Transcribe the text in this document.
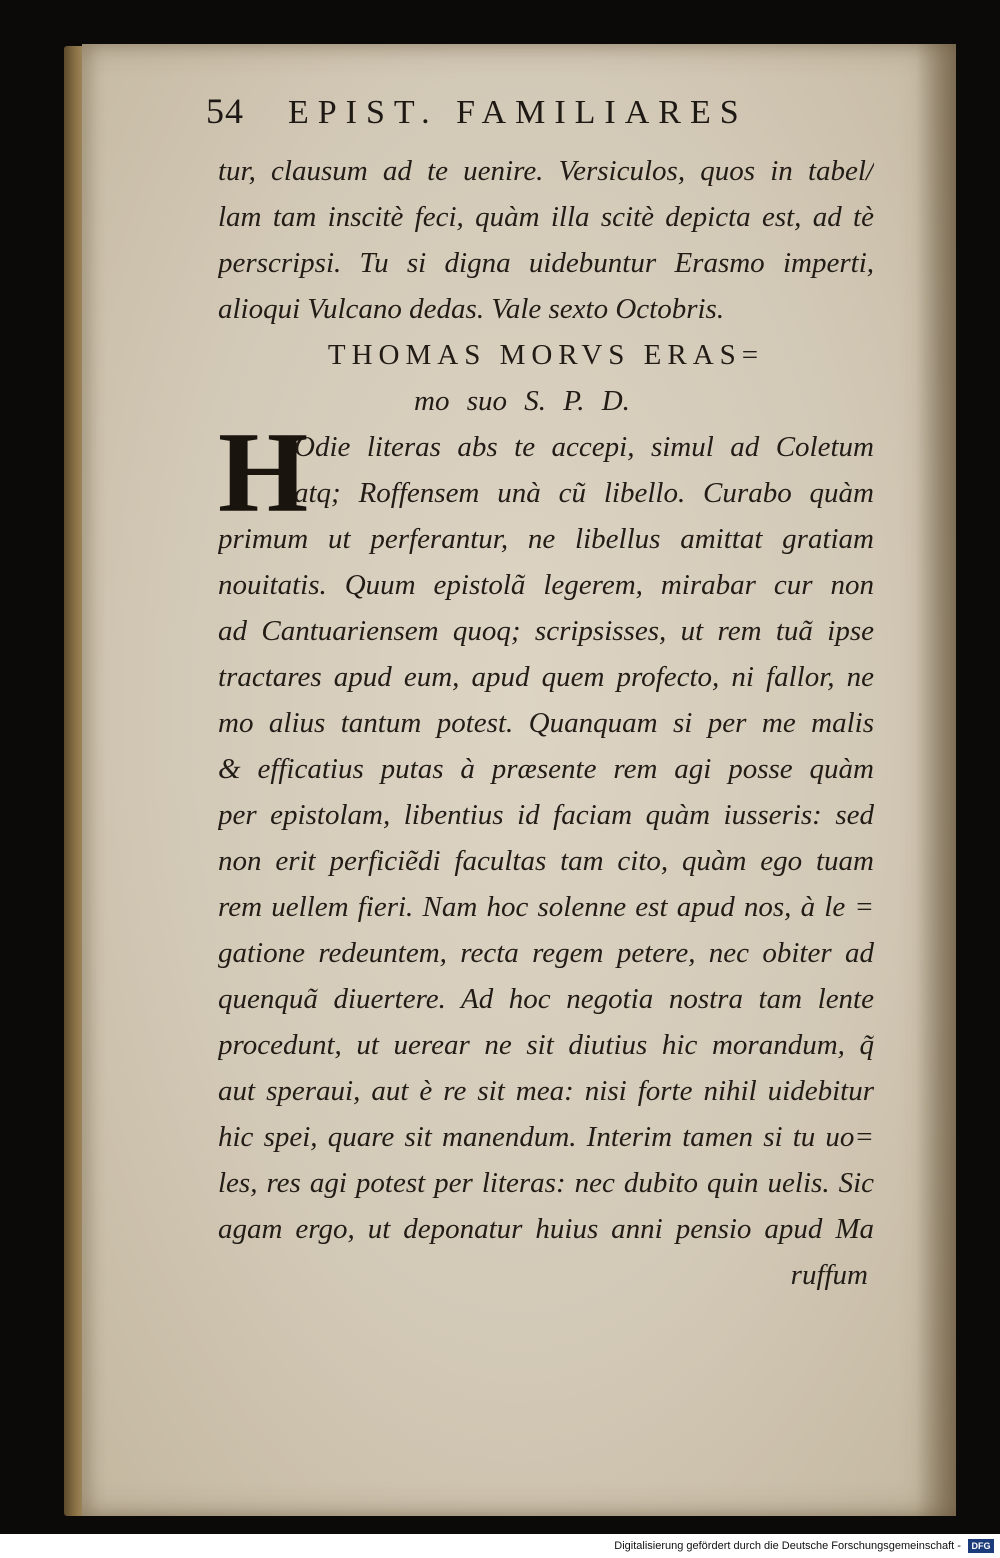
54 EPIST. FAMILIARES
tur, clausum ad te uenire. Versiculos, quos in tabel/
lam tam inscitè feci, quàm illa scitè depicta est, ad tè
perscripsi. Tu si digna uidebuntur Erasmo imperti,
alioqui Vulcano dedas. Vale sexto Octobris.
THOMAS MORVS ERAS=
mo suo S. P. D.
H
Odie literas abs te accepi, simul ad Coletum
atq; Roffensem unà cũ libello. Curabo quàm
primum ut perferantur, ne libellus amittat gratiam
nouitatis. Quum epistolã legerem, mirabar cur non
ad Cantuariensem quoq; scripsisses, ut rem tuã ipse
tractares apud eum, apud quem profecto, ni fallor, ne
mo alius tantum potest. Quanquam si per me malis
& efficatius putas à præsente rem agi posse quàm
per epistolam, libentius id faciam quàm iusseris: sed
non erit perficiẽdi facultas tam cito, quàm ego tuam
rem uellem fieri. Nam hoc solenne est apud nos, à le =
gatione redeuntem, recta regem petere, nec obiter ad
quenquã diuertere. Ad hoc negotia nostra tam lente
procedunt, ut uerear ne sit diutius hic morandum, q̃
aut speraui, aut è re sit mea: nisi forte nihil uidebitur
hic spei, quare sit manendum. Interim tamen si tu uo=
les, res agi potest per literas: nec dubito quin uelis. Sic
agam ergo, ut deponatur huius anni pensio apud Ma
ruffum
Digitalisierung gefördert durch die Deutsche Forschungsgemeinschaft - DFG
